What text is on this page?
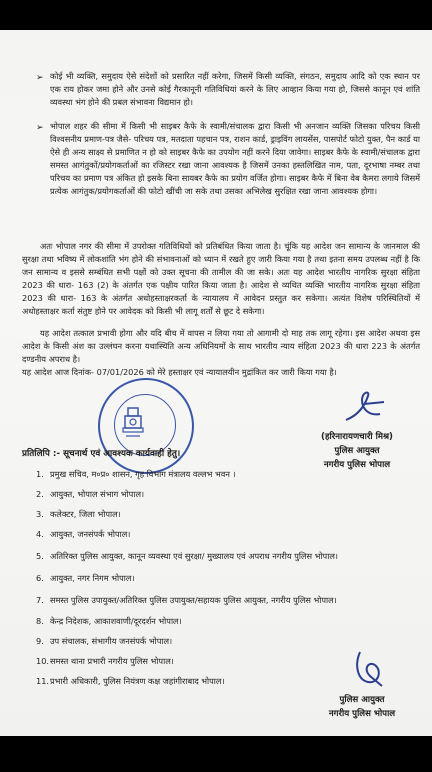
➢ कोई भी व्यक्ति, समुदाय ऐसे संदेशों को प्रसारित नहीं करेगा, जिसमें किसी व्यक्ति, संगठन, समुदाय आदि को एक स्थान पर एक राय होकर जमा होने और उनसे कोई गैरकानूनी गतिविधियां करने के लिए आव्हान किया गया हो, जिससे कानून एवं शांति व्यवस्था भंग होने की प्रबल संभावना विद्यमान हो।

➢ भोपाल शहर की सीमा में किसी भी साइबर कैफे के स्वामी/संचालक द्वारा किसी भी अनजान व्यक्ति जिसका परिचय किसी विश्वसनीय प्रमाण-पत्र जैसे- परिचय पत्र, मतदाता पहचान पत्र, राशन कार्ड, ड्राइविंग लायसेंस, पासपोर्ट फोटो युक्त, पैन कार्ड या ऐसे ही अन्य साक्ष्य से प्रमाणित न हो को साइबर कैफे का उपयोग नहीं करने दिया जावेगा। साइबर कैफे के स्वामी/संचालक द्वारा समस्त आगंतुकों/प्रयोगकर्ताओं का रजिस्टर रखा जाना आवश्यक है जिसमें उनका हस्तलिखित नाम, पता, दूरभाषा नम्बर तथा परिचय का प्रमाण पत्र अंकित हो इसके बिना सायबर कैफे का प्रयोग वर्जित होगा। साइबर कैफे में बिना वेब कैमरा लगाये जिसमें प्रत्येक आगंतुक/प्रयोगकर्ताओं की फोटो खींची जा सके तथा उसका अभिलेख सुरक्षित रखा जाना आवश्यक होगा।

अतः भोपाल नगर की सीमा में उपरोक्त गतिविधियों को प्रतिबंधित किया जाता है। चूंकि यह आदेश जन सामान्य के जानमाल की सुरक्षा तथा भविष्य में लोकशांति भंग होने की संभावनाओं को ध्यान में रखते हुए जारी किया गया है तथा इतना समय उपलब्ध नहीं है कि जन सामान्य व इससे सम्बंधित सभी पक्षों को उक्त सूचना की तामील की जा सके। अतः यह आदेश भारतीय नागरिक सुरक्षा संहिता 2023 की धारा- 163 (2) के अंतर्गत एक पक्षीय पारित किया जाता है। आदेश से व्यथित व्यक्ति भारतीय नागरिक सुरक्षा संहिता 2023 की धारा- 163 के अंतर्गत अधोहस्ताक्षरकर्ता के न्यायालय में आवेदन प्रस्तुत कर सकेगा। अत्यंत विशेष परिस्थितियों में अधोहस्ताक्षर कर्ता संतुष्ट होने पर आवेदक को किसी भी लागू शर्तों से छूट दे सकेगा।

यह आदेश तत्काल प्रभावी होगा और यदि बीच में वापस न लिया गया तो आगामी दो माह तक लागू रहेगा। इस आदेश अथवा इस आदेश के किसी अंश का उल्लंघन करना यथास्थिति अन्य अधिनियमों के साथ भारतीय न्याय संहिता 2023 की धारा 223 के अंतर्गत दण्डनीय अपराध है।

यह आदेश आज दिनांक- 07/01/2026 को मेरे हस्ताक्षर एवं न्यायालयीन मुद्रांकित कर जारी किया गया है।

(हरिनारायणचारी मिश्र)
पुलिस आयुक्त
नगरीय पुलिस भोपाल
प्रतिलिपि :- सूचनार्थ एवं आवश्यक कार्यवाही हेतु।
1. प्रमुख सचिव, म०प्र० शासन, गृह विभाग मंत्रालय वल्लभ भवन ।
2. आयुक्त, भोपाल संभाग भोपाल।
3. कलेक्टर, जिला भोपाल।
4. आयुक्त, जनसंपर्क भोपाल।
5. अतिरिक्त पुलिस आयुक्त, कानून व्यवस्था एवं सुरक्षा/ मुख्यालय एवं अपराध नगरीय पुलिस भोपाल।
6. आयुक्त, नगर निगम भोपाल।
7. समस्त पुलिस उपायुक्त/अतिरिक्त पुलिस उपायुक्त/सहायक पुलिस आयुक्त, नगरीय पुलिस भोपाल।
8. केन्द्र निदेशक, आकाशवाणी/दूरदर्शन भोपाल।
9. उप संचालक, संभागीय जनसंपर्क भोपाल।
10.समस्त थाना प्रभारी नगरीय पुलिस भोपाल।
11.प्रभारी अधिकारी, पुलिस नियंत्रण कक्ष जहांगीराबाद भोपाल।
पुलिस आयुक्त
नगरीय पुलिस भोपाल
